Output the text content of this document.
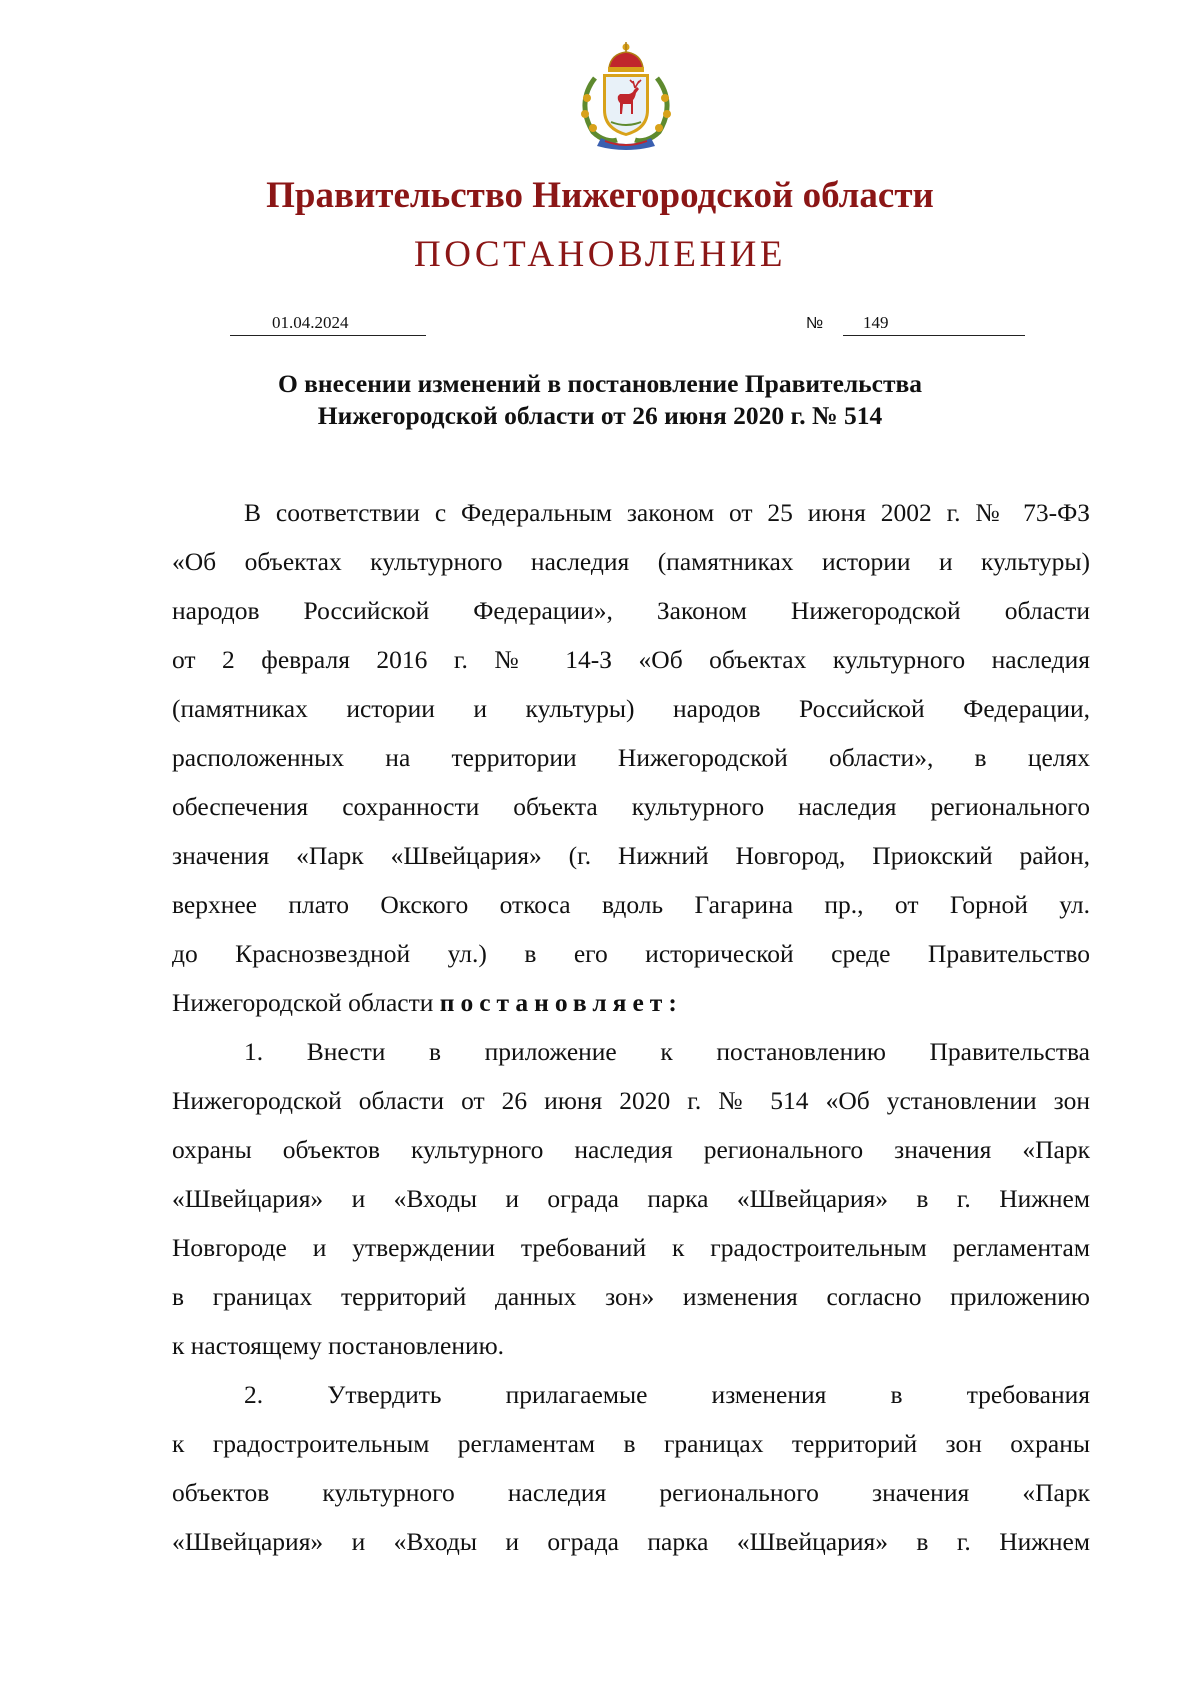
Правительство Нижегородской области
ПОСТАНОВЛЕНИЕ
01.04.2024	№ 149
О внесении изменений в постановление Правительства
Нижегородской области от 26 июня 2020 г. № 514
В соответствии с Федеральным законом от 25 июня 2002 г. № 73-ФЗ
«Об объектах культурного наследия (памятниках истории и культуры)
народов Российской Федерации», Законом Нижегородской области
от 2 февраля 2016 г. № 14-З «Об объектах культурного наследия
(памятниках истории и культуры) народов Российской Федерации,
расположенных на территории Нижегородской области», в целях
обеспечения сохранности объекта культурного наследия регионального
значения «Парк «Швейцария» (г. Нижний Новгород, Приокский район,
верхнее плато Окского откоса вдоль Гагарина пр., от Горной ул.
до Краснозвездной ул.) в его исторической среде Правительство
Нижегородской области постановляет:
1. Внести в приложение к постановлению Правительства
Нижегородской области от 26 июня 2020 г. № 514 «Об установлении зон
охраны объектов культурного наследия регионального значения «Парк
«Швейцария» и «Входы и ограда парка «Швейцария» в г. Нижнем
Новгороде и утверждении требований к градостроительным регламентам
в границах территорий данных зон» изменения согласно приложению
к настоящему постановлению.
2. Утвердить прилагаемые изменения в требования
к градостроительным регламентам в границах территорий зон охраны
объектов культурного наследия регионального значения «Парк
«Швейцария» и «Входы и ограда парка «Швейцария» в г. Нижнем
